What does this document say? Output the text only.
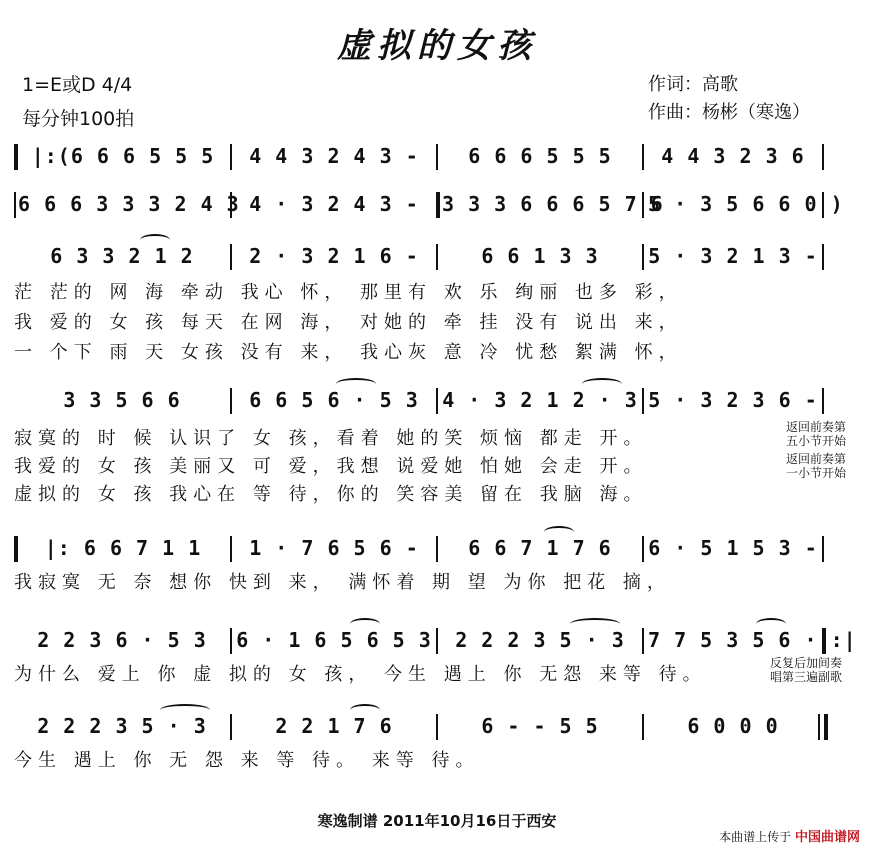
虚拟的女孩
1=E或D 4/4
每分钟100拍
作词：高歌
作曲：杨彬（寒逸）
|:(6 6 6 5 5 5	4 4 3 2 4 3 -	6 6 6 5 5 5	4 4 3 2 3 6
6 6 6 3 3 3 2 4 3 4 · 3 2 4 3 -	3 3 3 6 6 6 5 7 6
5 · 3 5 6 6 0 )
6 3 3 2 1 2	2 · 3 2 1 6 -	6 6 1 3 3	5 · 3 2 1 3 -
茫 茫的 网 海 牵动 我心 怀， 那里有 欢 乐 绚丽 也多 彩，
我 爱的 女 孩 每天 在网 海， 对她的 牵 挂 没有 说出 来，
一 个下 雨 天 女孩 没有 来， 我心灰 意 冷 忧愁 絮满 怀，
3 3 5 6 6	6 6 5 6 · 5 3	4 · 3 2 1 2 · 3 5 · 3 2 3 6 -
寂寞的 时 候 认识了 女 孩，看着 她的笑 烦恼 都走 开。
我爱的 女 孩 美丽又 可 爱，我想 说爱她 怕她 会走 开。
虚拟的 女 孩 我心在 等 待，你的 笑容美 留在 我脑 海。
返回前奏第
五小节开始
返回前奏第
一小节开始
|: 6 6 7 1 1	1 · 7 6 5 6 -	6 6 7 1 7 6	6 · 5 1 5 3 -
我寂寞 无 奈 想你 快到 来， 满怀着 期 望 为你 把花 摘，
2 2 3 6 · 5 3	6 · 1 6 5 6 5 3	2 2 2 3 5 · 3	7 7 5 3 5 6 · :|
为什么 爱上 你 虚 拟的 女 孩， 今生 遇上 你 无怨 来等 待。
反复后加间奏
唱第三遍副歌
2 2 2 3 5 · 3	2 2 1 7 6	6 - - 5 5	6 0 0 0
今生 遇上 你 无 怨 来 等 待。 来等 待。
寒逸制谱 2011年10月16日于西安
本曲谱上传于 中国曲谱网
